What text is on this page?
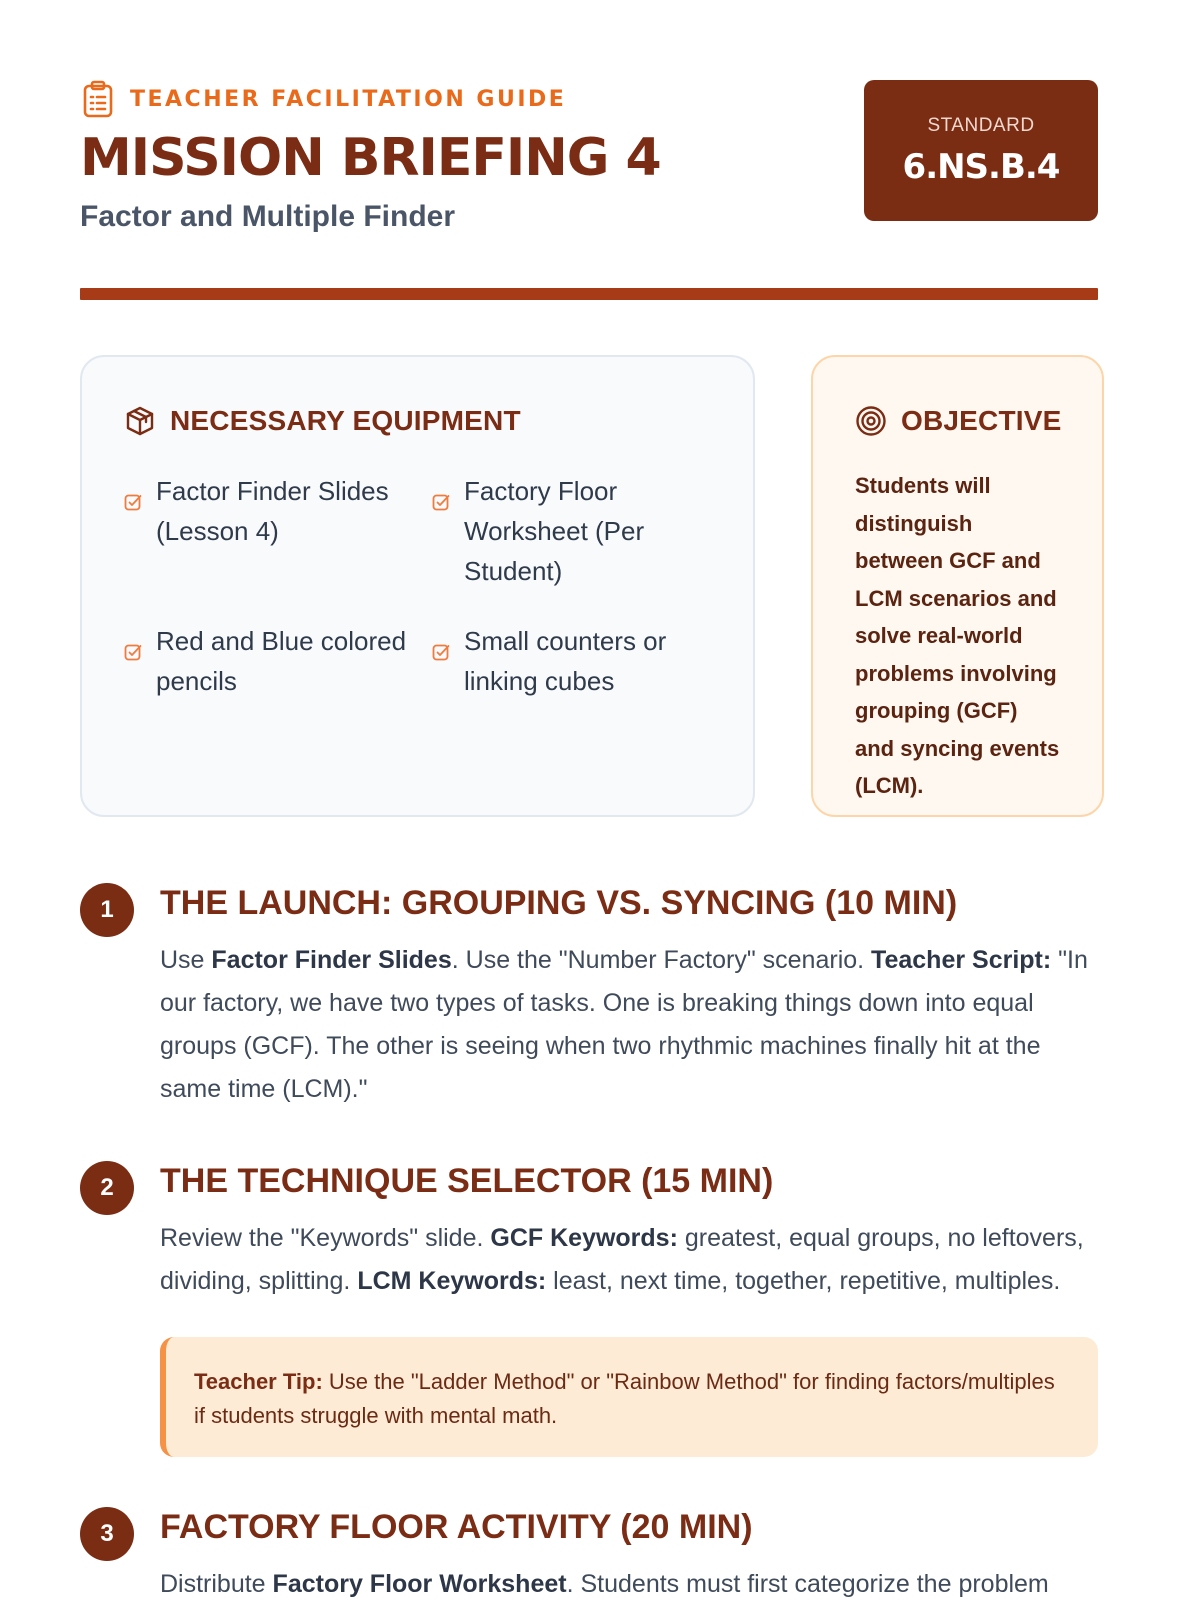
TEACHER FACILITATION GUIDE
MISSION BRIEFING 4
Factor and Multiple Finder
STANDARD
6.NS.B.4
NECESSARY EQUIPMENT
Factor Finder Slides (Lesson 4)
Factory Floor Worksheet (Per Student)
Red and Blue colored pencils
Small counters or linking cubes
OBJECTIVE

Students will distinguish between GCF and LCM scenarios and solve real-world problems involving grouping (GCF) and syncing events (LCM).

1	THE LAUNCH: GROUPING VS. SYNCING (10 MIN)

Use Factor Finder Slides. Use the "Number Factory" scenario. Teacher Script: "In our factory, we have two types of tasks. One is breaking things down into equal groups (GCF). The other is seeing when two rhythmic machines finally hit at the same time (LCM)."

2	THE TECHNIQUE SELECTOR (15 MIN)

Review the "Keywords" slide. GCF Keywords: greatest, equal groups, no leftovers, dividing, splitting. LCM Keywords: least, next time, together, repetitive, multiples.

Teacher Tip: Use the "Ladder Method" or "Rainbow Method" for finding factors/multiples if students struggle with mental math.
3	FACTORY FLOOR ACTIVITY (20 MIN)

Distribute Factory Floor Worksheet. Students must first categorize the problem
